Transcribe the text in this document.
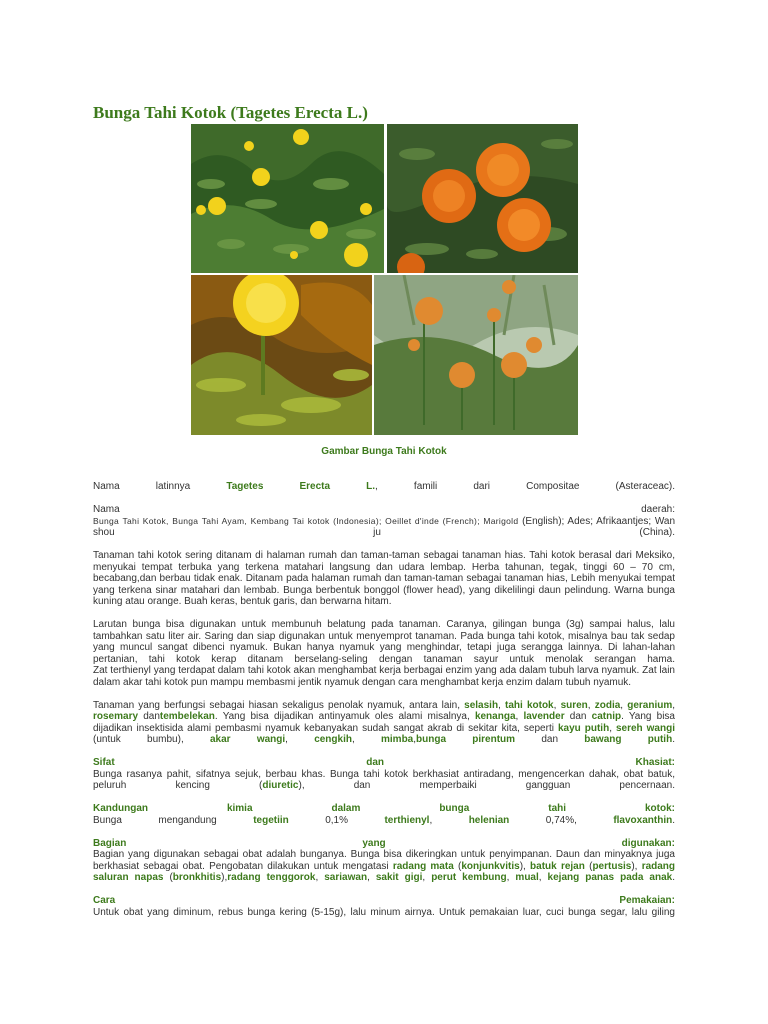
Bunga Tahi Kotok (Tagetes Erecta L.)
Gambar Bunga Tahi Kotok

Nama latinnya Tagetes	Erecta	L., famili dari Compositae (Asteraceac).

Nama daerah:
Bunga Tahi Kotok, Bunga Tahi Ayam, Kembang Tai kotok (Indonesia); Oeillet d'inde (French); Marigold (English); Ades; Afrikaantjes; Wan shou ju (China).

Tanaman tahi kotok sering ditanam di halaman rumah dan taman-taman sebagai tanaman hias. Tahi kotok berasal dari Meksiko, menyukai tempat terbuka yang terkena matahari langsung dan udara lembap. Herba tahunan, tegak, tinggi 60 – 70 cm, becabang,dan berbau tidak enak. Ditanam pada halaman rumah dan taman-taman sebagai tanaman hias, Lebih menyukai tempat yang terkena sinar matahari dan lembab. Bunga berbentuk bonggol (flower head), yang dikelilingi daun pelindung. Warna bunga kuning atau orange. Buah keras, bentuk garis, dan berwarna hitam.

Larutan bunga bisa digunakan untuk membunuh belatung pada tanaman. Caranya, gilingan bunga (3g) sampai halus, lalu tambahkan satu liter air. Saring dan siap digunakan untuk menyemprot tanaman. Pada bunga tahi kotok, misalnya bau tak sedap yang muncul sangat dibenci nyamuk. Bukan hanya nyamuk yang menghindar, tetapi juga serangga lainnya. Di lahan-lahan pertanian, tahi kotok kerap ditanam berselang-seling dengan tanaman sayur untuk menolak serangan hama.
Zat terthienyl yang terdapat dalam tahi kotok akan menghambat kerja berbagai enzim yang ada dalam tubuh larva nyamuk. Zat lain dalam akar tahi kotok pun mampu membasmi jentik nyamuk dengan cara menghambat kerja enzim dalam tubuh nyamuk.

Tanaman yang berfungsi sebagai hiasan sekaligus penolak nyamuk, antara lain, selasih, tahi kotok, suren, zodia, geranium, rosemary dantembelekan. Yang bisa dijadikan antinyamuk oles alami misalnya, kenanga, lavender dan catnip. Yang bisa dijadikan insektisida alami pembasmi nyamuk kebanyakan sudah sangat akrab di sekitar kita, seperti kayu putih, sereh wangi (untuk bumbu), akar wangi, cengkih, mimba,bunga pirentum dan bawang putih.

Sifat dan Khasiat:
Bunga rasanya pahit, sifatnya sejuk, berbau khas. Bunga tahi kotok berkhasiat antiradang, mengencerkan dahak, obat batuk, peluruh kencing (diuretic), dan memperbaiki gangguan pencernaan.
Kandungan kimia dalam bunga tahi kotok:
Bunga mengandung tegetiin 0,1% terthienyl, helenian 0,74%, flavoxanthin.
Bagian yang digunakan:
Bagian yang digunakan sebagai obat adalah bunganya. Bunga bisa dikeringkan untuk penyimpanan. Daun dan minyaknya juga berkhasiat sebagai obat. Pengobatan dilakukan untuk mengatasi radang mata (konjunkvitis), batuk rejan (pertusis), radang saluran napas (bronkhitis),radang tenggorok, sariawan, sakit gigi, perut kembung, mual, kejang panas pada anak.
Cara Pemakaian:
Untuk obat yang diminum, rebus bunga kering (5-15g), lalu minum airnya. Untuk pemakaian luar, cuci bunga segar, lalu giling
